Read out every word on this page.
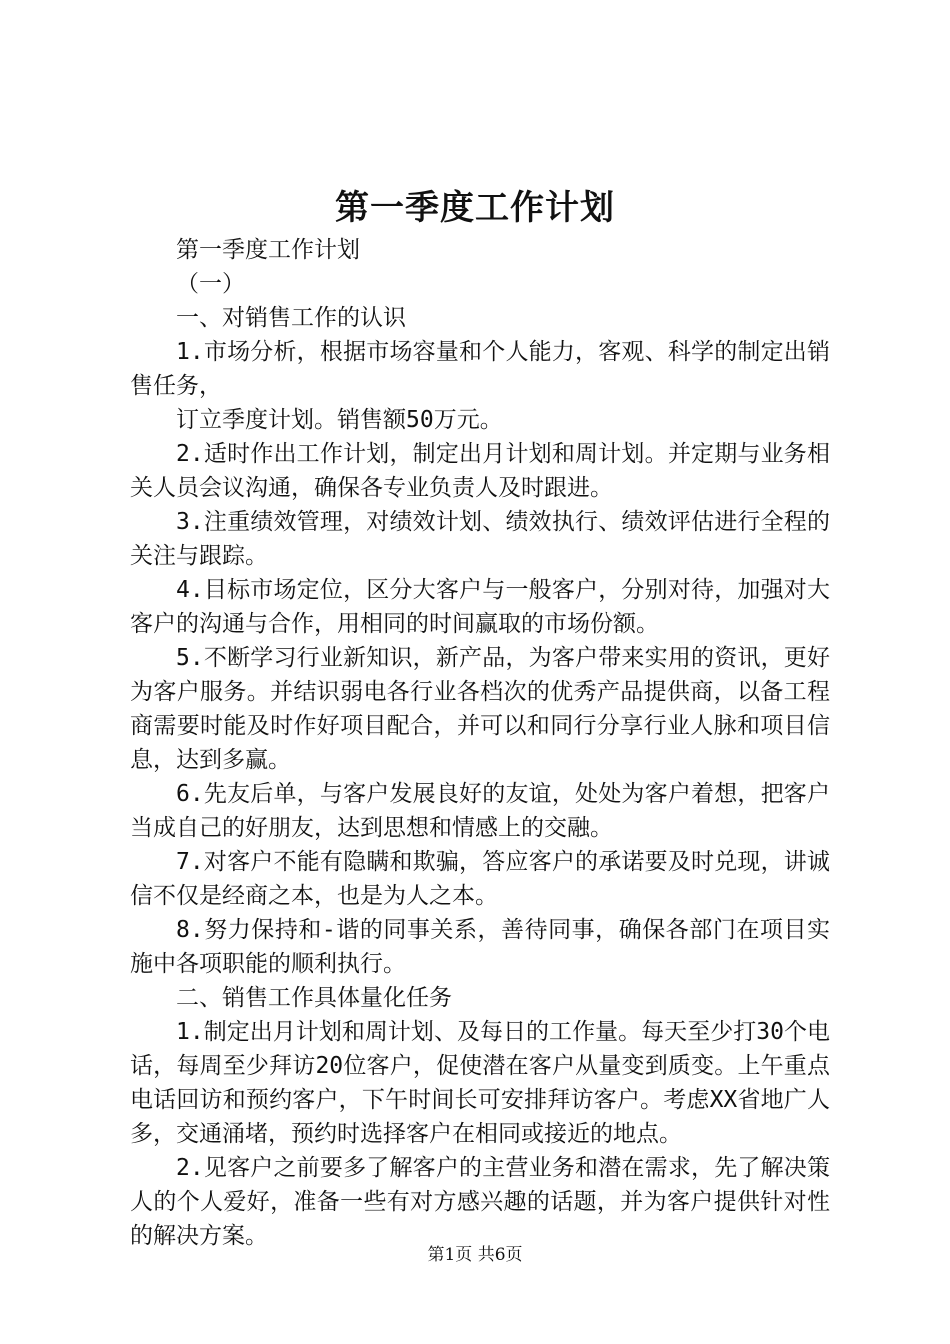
第一季度工作计划

第一季度工作计划

（一）

一、对销售工作的认识

1.市场分析，根据市场容量和个人能力，客观、科学的制定出销售任务，

订立季度计划。销售额50万元。

2.适时作出工作计划，制定出月计划和周计划。并定期与业务相关人员会议沟通，确保各专业负责人及时跟进。

3.注重绩效管理，对绩效计划、绩效执行、绩效评估进行全程的关注与跟踪。

4.目标市场定位，区分大客户与一般客户，分别对待，加强对大客户的沟通与合作，用相同的时间赢取的市场份额。

5.不断学习行业新知识，新产品，为客户带来实用的资讯，更好为客户服务。并结识弱电各行业各档次的优秀产品提供商，以备工程商需要时能及时作好项目配合，并可以和同行分享行业人脉和项目信息，达到多赢。

6.先友后单，与客户发展良好的友谊，处处为客户着想，把客户当成自己的好朋友，达到思想和情感上的交融。

7.对客户不能有隐瞒和欺骗，答应客户的承诺要及时兑现，讲诚信不仅是经商之本，也是为人之本。

8.努力保持和-谐的同事关系，善待同事，确保各部门在项目实施中各项职能的顺利执行。

二、销售工作具体量化任务

1.制定出月计划和周计划、及每日的工作量。每天至少打30个电话，每周至少拜访20位客户，促使潜在客户从量变到质变。上午重点电话回访和预约客户，下午时间长可安排拜访客户。考虑XX省地广人多，交通涌堵，预约时选择客户在相同或接近的地点。

2.见客户之前要多了解客户的主营业务和潜在需求，先了解决策人的个人爱好，准备一些有对方感兴趣的话题，并为客户提供针对性的解决方案。

第1页 共6页
